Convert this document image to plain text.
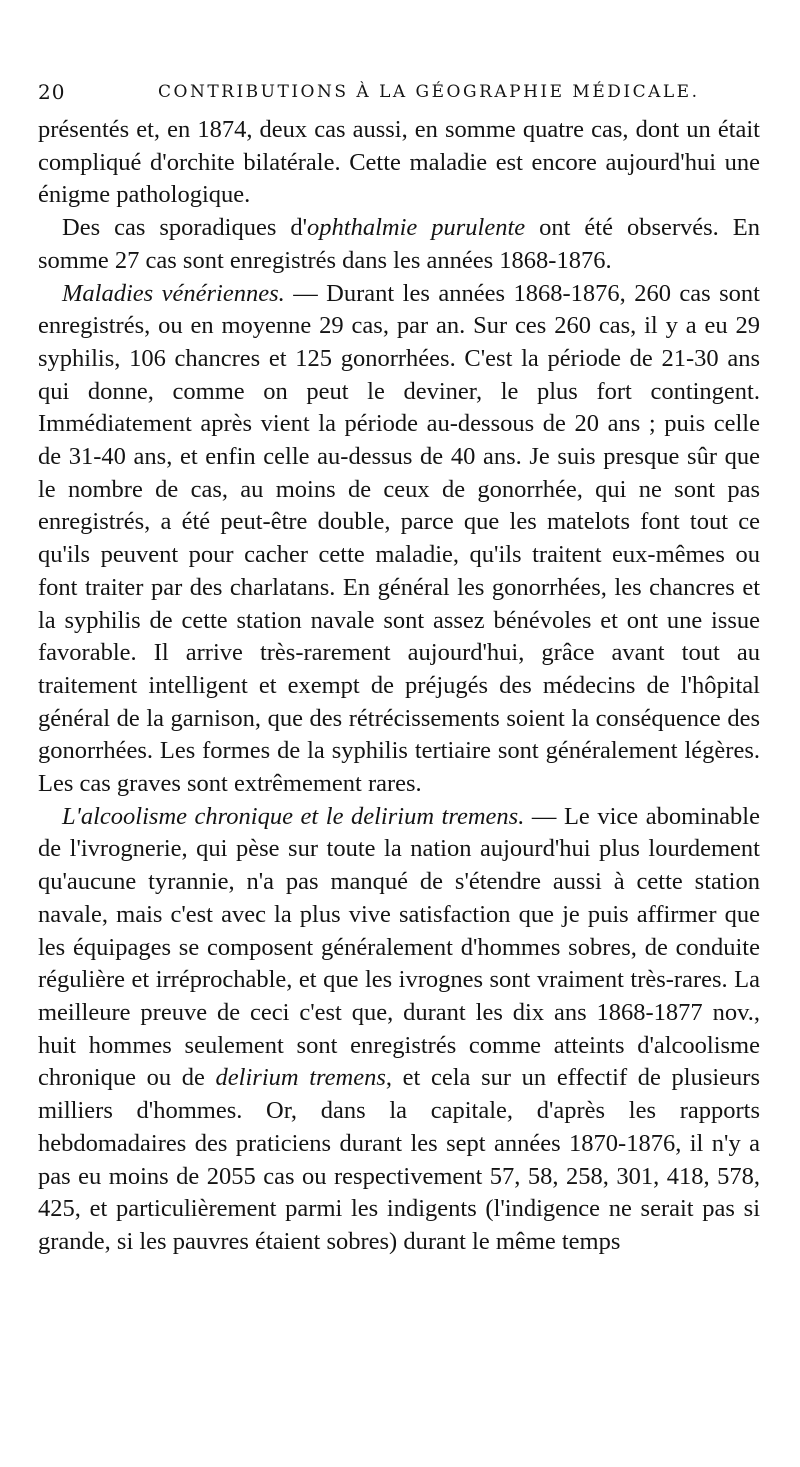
20	CONTRIBUTIONS À LA GÉOGRAPHIE MÉDICALE.

présentés et, en 1874, deux cas aussi, en somme quatre cas, dont un était compliqué d'orchite bilatérale. Cette maladie est encore aujourd'hui une énigme pathologique.

Des cas sporadiques d'ophthalmie purulente ont été observés. En somme 27 cas sont enregistrés dans les années 1868-1876.

Maladies vénériennes. — Durant les années 1868-1876, 260 cas sont enregistrés, ou en moyenne 29 cas, par an. Sur ces 260 cas, il y a eu 29 syphilis, 106 chancres et 125 gonorrhées. C'est la période de 21-30 ans qui donne, comme on peut le deviner, le plus fort contingent. Immédiatement après vient la période au-dessous de 20 ans ; puis celle de 31-40 ans, et enfin celle au-dessus de 40 ans. Je suis presque sûr que le nombre de cas, au moins de ceux de gonorrhée, qui ne sont pas enregistrés, a été peut-être double, parce que les matelots font tout ce qu'ils peuvent pour cacher cette maladie, qu'ils traitent eux-mêmes ou font traiter par des charlatans. En général les gonorrhées, les chancres et la syphilis de cette station navale sont assez bénévoles et ont une issue favorable. Il arrive très-rarement aujourd'hui, grâce avant tout au traitement intelligent et exempt de préjugés des médecins de l'hôpital général de la garnison, que des rétrécissements soient la conséquence des gonorrhées. Les formes de la syphilis tertiaire sont généralement légères. Les cas graves sont extrêmement rares.

L'alcoolisme chronique et le delirium tremens. — Le vice abominable de l'ivrognerie, qui pèse sur toute la nation aujourd'hui plus lourdement qu'aucune tyrannie, n'a pas manqué de s'étendre aussi à cette station navale, mais c'est avec la plus vive satisfaction que je puis affirmer que les équipages se composent généralement d'hommes sobres, de conduite régulière et irréprochable, et que les ivrognes sont vraiment très-rares. La meilleure preuve de ceci c'est que, durant les dix ans 1868-1877 nov., huit hommes seulement sont enregistrés comme atteints d'alcoolisme chronique ou de delirium tremens, et cela sur un effectif de plusieurs milliers d'hommes. Or, dans la capitale, d'après les rapports hebdomadaires des praticiens durant les sept années 1870-1876, il n'y a pas eu moins de 2055 cas ou respectivement 57, 58, 258, 301, 418, 578, 425, et particulièrement parmi les indigents (l'indigence ne serait pas si grande, si les pauvres étaient sobres) durant le même temps
